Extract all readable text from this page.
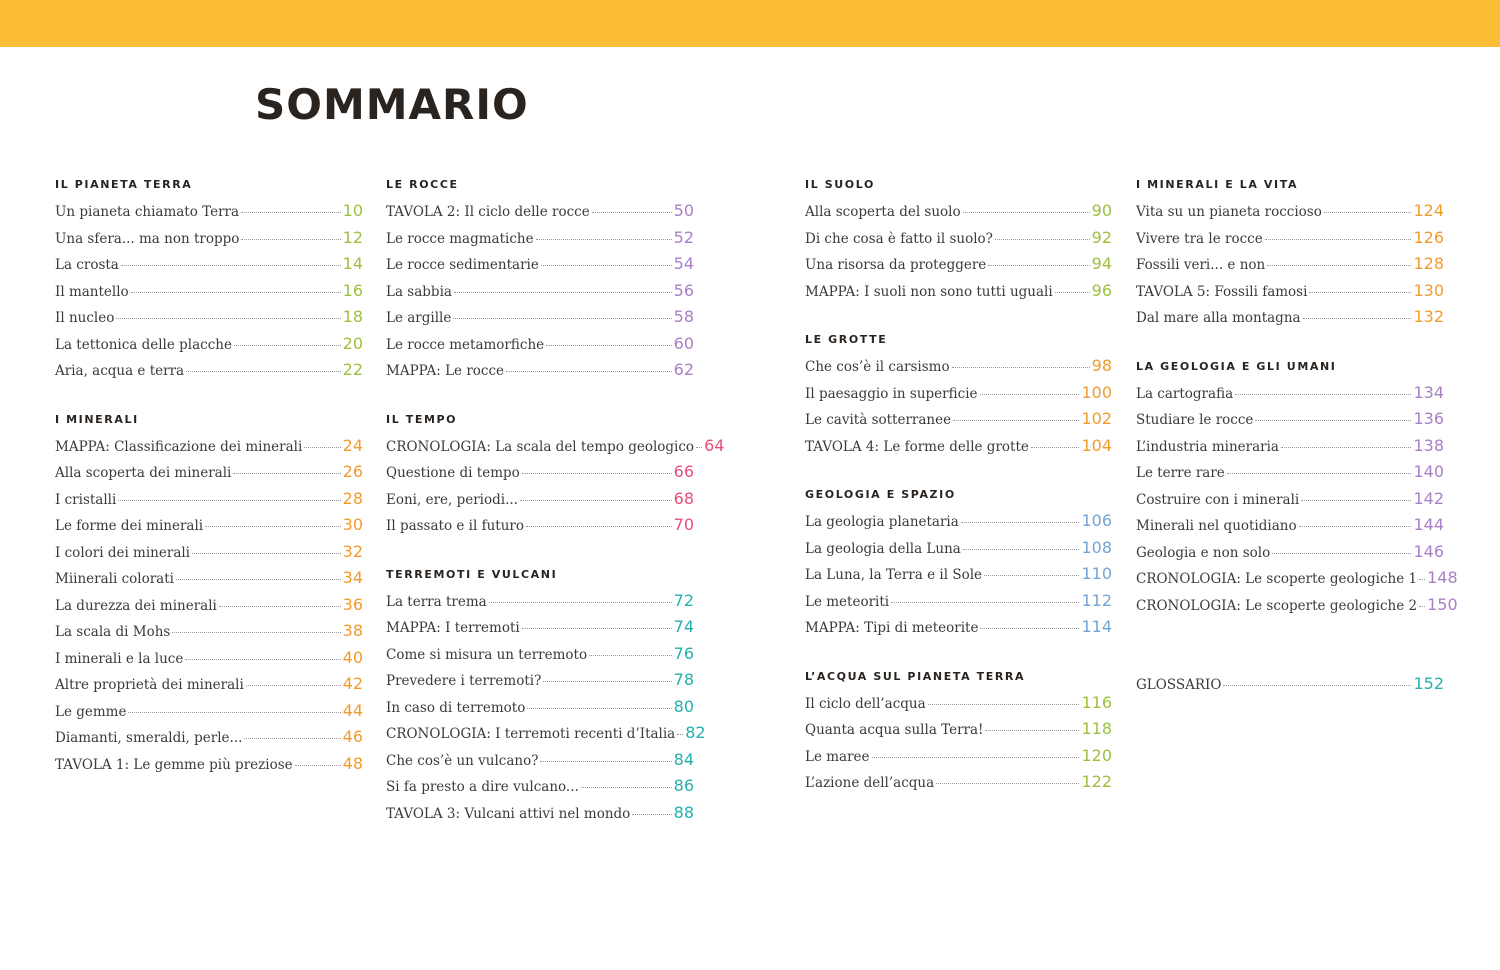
SOMMARIO
IL PIANETA TERRA
Un pianeta chiamato Terra	10
Una sfera... ma non troppo	12
La crosta	14
Il mantello	16
Il nucleo	18
La tettonica delle placche	20
Aria, acqua e terra	22
I MINERALI
MAPPA: Classificazione dei minerali	24
Alla scoperta dei minerali	26
I cristalli	28
Le forme dei minerali	30
I colori dei minerali	32
Miinerali colorati	34
La durezza dei minerali	36
La scala di Mohs	38
I minerali e la luce	40
Altre proprietà dei minerali	42
Le gemme	44
Diamanti, smeraldi, perle...	46
TAVOLA 1: Le gemme più preziose	48
LE ROCCE
TAVOLA 2: Il ciclo delle rocce	50
Le rocce magmatiche	52
Le rocce sedimentarie	54
La sabbia	56
Le argille	58
Le rocce metamorfiche	60
MAPPA: Le rocce	62
IL TEMPO
CRONOLOGIA: La scala del tempo geologico 64
Questione di tempo	66
Eoni, ere, periodi...	68
Il passato e il futuro	70
TERREMOTI E VULCANI
La terra trema	72
MAPPA: I terremoti	74
Come si misura un terremoto	76
Prevedere i terremoti?	78
In caso di terremoto	80
CRONOLOGIA: I terremoti recenti d’Italia 82
Che cos’è un vulcano?	84
Si fa presto a dire vulcano...	86
TAVOLA 3: Vulcani attivi nel mondo	88
IL SUOLO
Alla scoperta del suolo	90
Di che cosa è fatto il suolo?	92
Una risorsa da proteggere	94
MAPPA: I suoli non sono tutti uguali 96
LE GROTTE
Che cos’è il carsismo	98
Il paesaggio in superficie	100
Le cavità sotterranee	102
TAVOLA 4: Le forme delle grotte	104
GEOLOGIA E SPAZIO
La geologia planetaria	106
La geologia della Luna	108
La Luna, la Terra e il Sole	110
Le meteoriti	112
MAPPA: Tipi di meteorite	114
L’ACQUA SUL PIANETA TERRA
Il ciclo dell’acqua	116
Quanta acqua sulla Terra!	118
Le maree	120
L’azione dell’acqua	122
I MINERALI E LA VITA
Vita su un pianeta roccioso	124
Vivere tra le rocce	126
Fossili veri... e non	128
TAVOLA 5: Fossili famosi	130
Dal mare alla montagna	132
LA GEOLOGIA E GLI UMANI
La cartografia	134
Studiare le rocce	136
L’industria mineraria	138
Le terre rare	140
Costruire con i minerali	142
Minerali nel quotidiano	144
Geologia e non solo	146
CRONOLOGIA: Le scoperte geologiche 1 148
CRONOLOGIA: Le scoperte geologiche 2 150
GLOSSARIO	152
